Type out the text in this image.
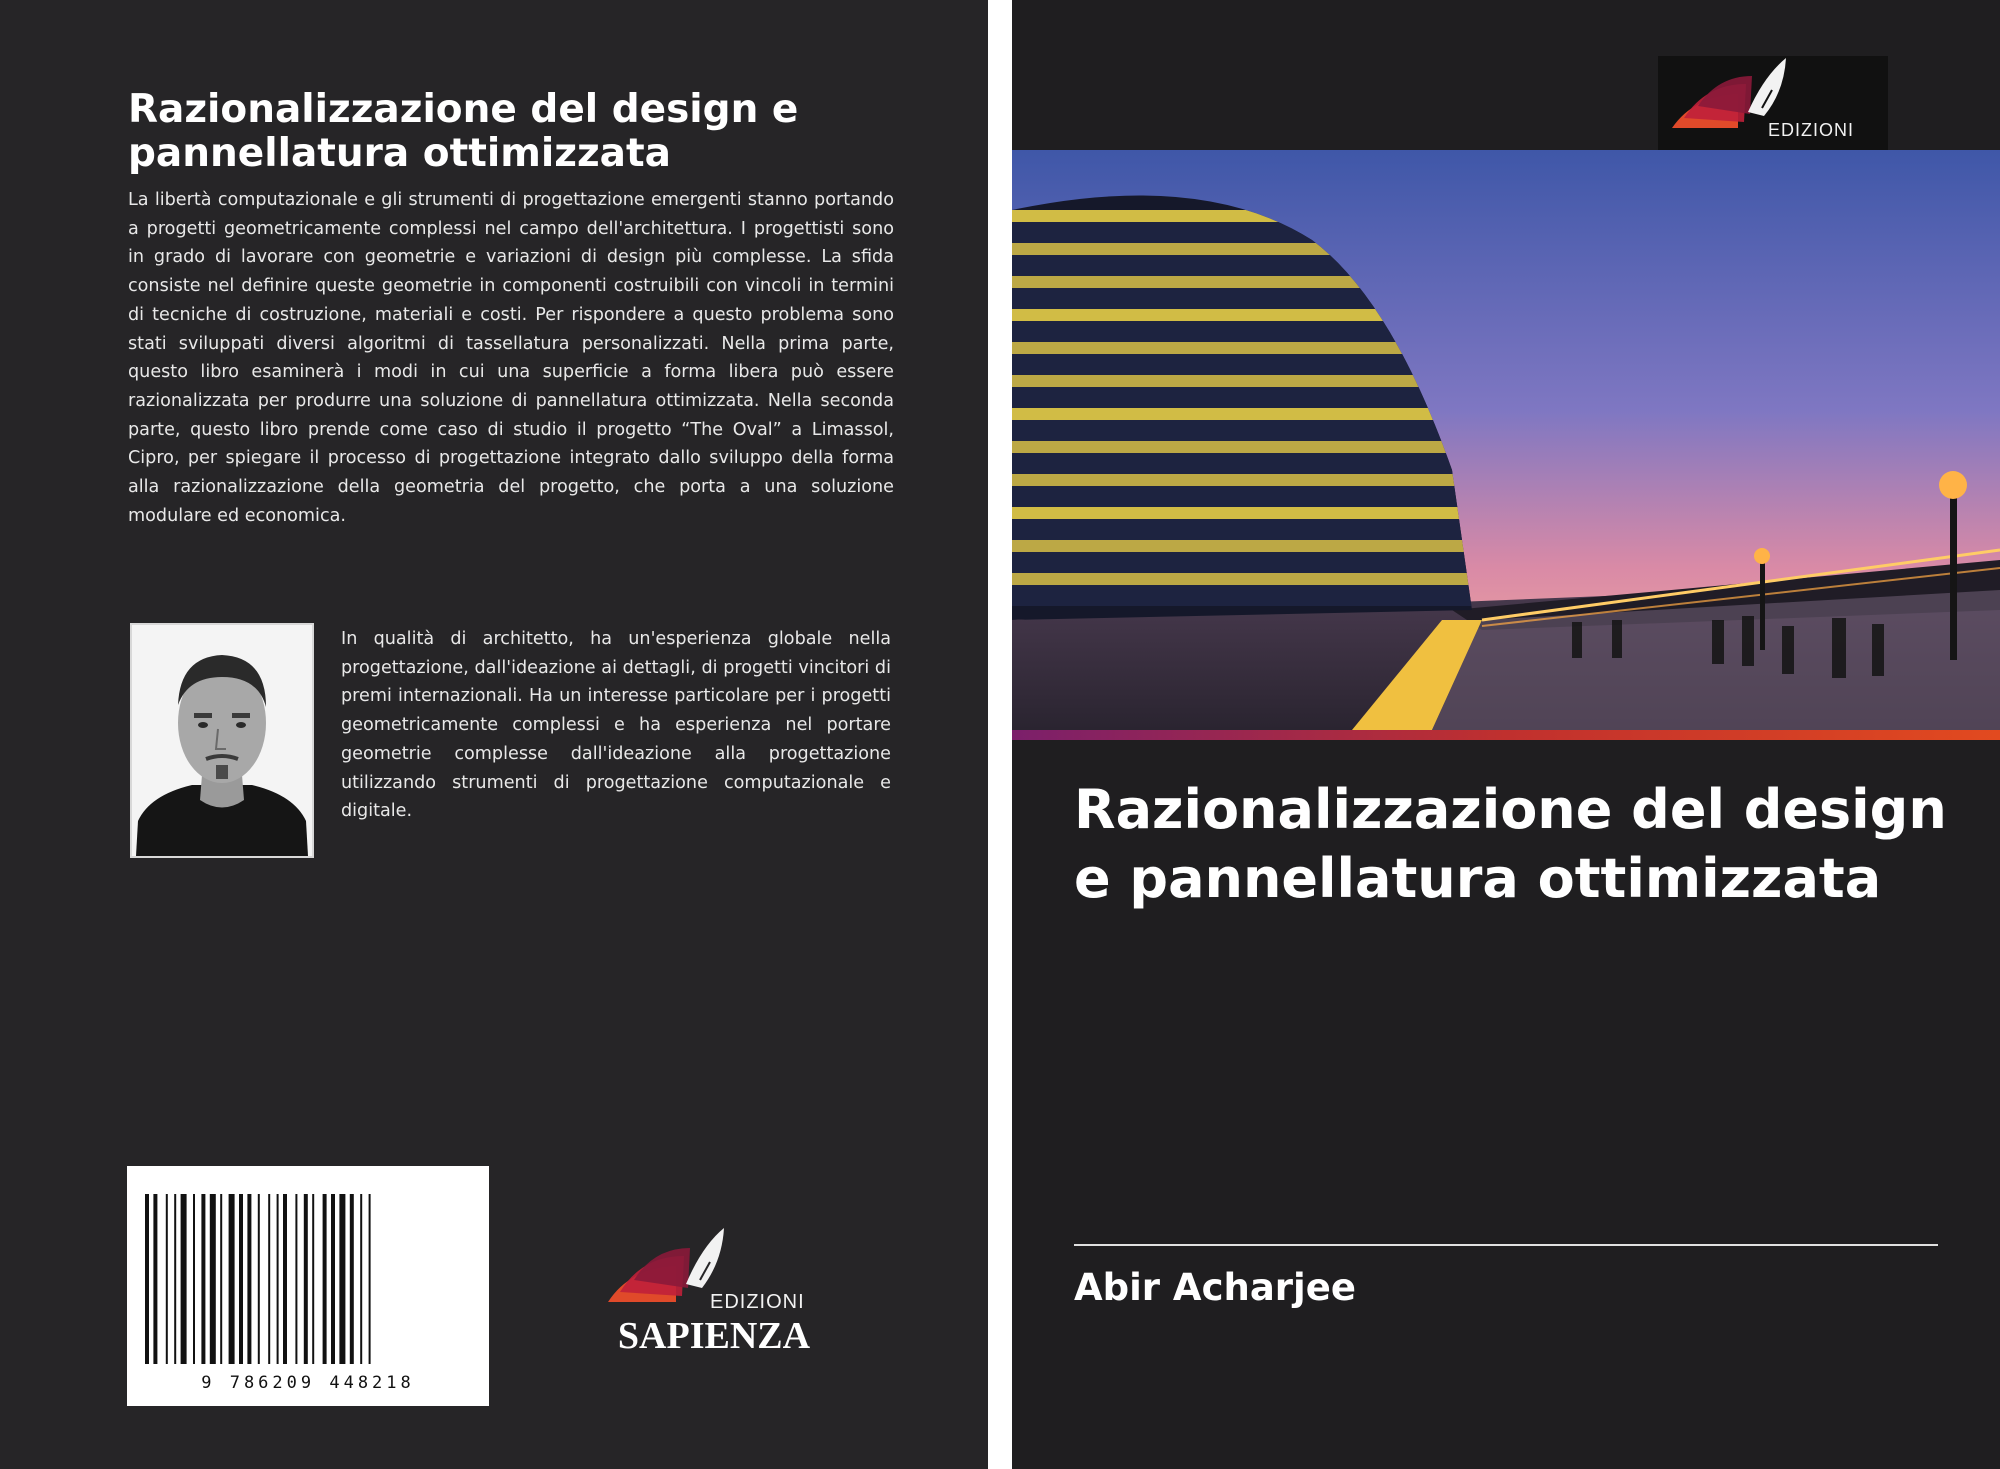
Razionalizzazione del design e pannellatura ottimizzata

La libertà computazionale e gli strumenti di progettazione emergenti stanno portando a progetti geometricamente complessi nel campo dell'architettura. I progettisti sono in grado di lavorare con geometrie e variazioni di design più complesse. La sfida consiste nel definire queste geometrie in componenti costruibili con vincoli in termini di tecniche di costruzione, materiali e costi. Per rispondere a questo problema sono stati sviluppati diversi algoritmi di tassellatura personalizzati. Nella prima parte, questo libro esaminerà i modi in cui una superficie a forma libera può essere razionalizzata per produrre una soluzione di pannellatura ottimizzata. Nella seconda parte, questo libro prende come caso di studio il progetto “The Oval” a Limassol, Cipro, per spiegare il processo di progettazione integrato dallo sviluppo della forma alla razionalizzazione della geometria del progetto, che porta a una soluzione modulare ed economica.

In qualità di architetto, ha un'esperienza globale nella progettazione, dall'ideazione ai dettagli, di progetti vincitori di premi internazionali. Ha un interesse particolare per i progetti geometricamente complessi e ha esperienza nel portare geometrie complesse dall'ideazione alla progettazione utilizzando strumenti di progettazione computazionale e digitale.

9 786209 448218
EDIZIONI
SAPIENZA
EDIZIONI
Razionalizzazione del design e pannellatura ottimizzata

Abir Acharjee
